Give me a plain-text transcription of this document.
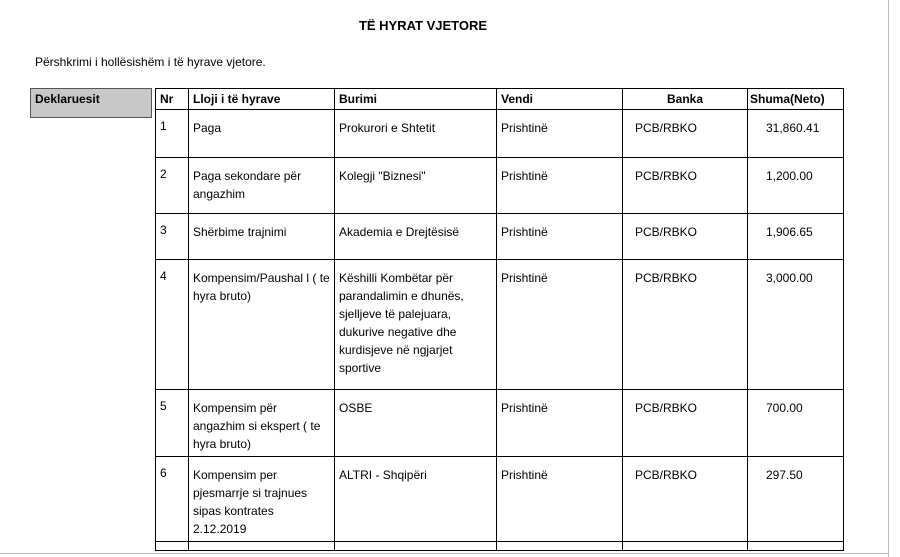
TË HYRAT VJETORE
Përshkrimi i hollësishëm i të hyrave vjetore.
Deklaruesit	Nr	Lloji i të hyrave	Burimi	Vendi	Banka	Shuma(Neto)
1	Paga	Prokurori e Shtetit	Prishtinë	PCB/RBKO	31,860.41
2	Paga sekondare për angazhim	Kolegji "Biznesi"	Prishtinë	PCB/RBKO	1,200.00
3	Shërbime trajnimi	Akademia e Drejtësisë	Prishtinë	PCB/RBKO	1,906.65
4	Kompensim/Paushal l ( te hyra bruto)	Këshilli Kombëtar për parandalimin e dhunës, sjelljeve të palejuara, dukurive negative dhe kurdisjeve në ngjarjet sportive	Prishtinë	PCB/RBKO	3,000.00
5	Kompensim për angazhim si ekspert ( te hyra bruto)	OSBE	Prishtinë	PCB/RBKO	700.00
6	Kompensim per pjesmarrje si trajnues sipas kontrates 2.12.2019	ALTRI - Shqipëri	Prishtinë	PCB/RBKO	297.50
